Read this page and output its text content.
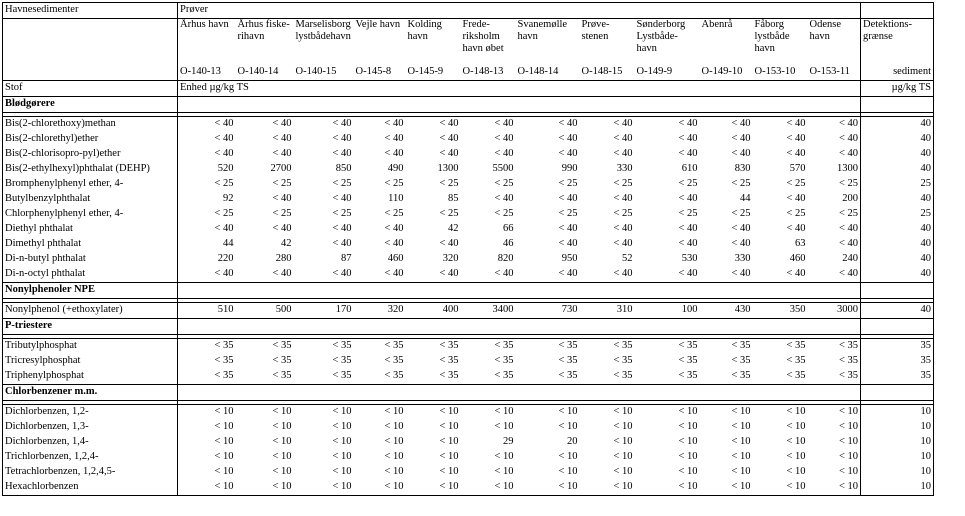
Havnesedimenter	Prøver												
	Århus havn	Århus fiske-rihavn	Marselisborg lystbådehavn	Vejle havn	Kolding havn	Frede-riksholm havn øbet	Svanemølle havn	Prøve-stenen	Sønderborg Lystbåde-havn	Abenrå	Fåborg lystbåde havn	Odense havn	Detektions-grænse
	O-140-13	O-140-14	O-140-15	O-145-8	O-145-9	O-148-13	O-148-14	O-148-15	O-149-9	O-149-10	O-153-10	O-153-11	sediment
Stof	Enhed µg/kg TS												µg/kg TS
Blødgørere													

Bis(2-chlorethoxy)methan	< 40	< 40	< 40	< 40	< 40	< 40	< 40	< 40	< 40	< 40	< 40	< 40	40
Bis(2-chlorethyl)ether	< 40	< 40	< 40	< 40	< 40	< 40	< 40	< 40	< 40	< 40	< 40	< 40	40
Bis(2-chlorisopro-pyl)ether	< 40	< 40	< 40	< 40	< 40	< 40	< 40	< 40	< 40	< 40	< 40	< 40	40
Bis(2-ethylhexyl)phthalat (DEHP)	520	2700	850	490	1300	5500	990	330	610	830	570	1300	40
Bromphenylphenyl ether, 4-	< 25	< 25	< 25	< 25	< 25	< 25	< 25	< 25	< 25	< 25	< 25	< 25	25
Butylbenzylphthalat	92	< 40	< 40	110	85	< 40	< 40	< 40	< 40	44	< 40	200	40
Chlorphenylphenyl ether, 4-	< 25	< 25	< 25	< 25	< 25	< 25	< 25	< 25	< 25	< 25	< 25	< 25	25
Diethyl phthalat	< 40	< 40	< 40	< 40	42	66	< 40	< 40	< 40	< 40	< 40	< 40	40
Dimethyl phthalat	44	42	< 40	< 40	< 40	46	< 40	< 40	< 40	< 40	63	< 40	40
Di-n-butyl phthalat	220	280	87	460	320	820	950	52	530	330	460	240	40
Di-n-octyl phthalat	< 40	< 40	< 40	< 40	< 40	< 40	< 40	< 40	< 40	< 40	< 40	< 40	40
Nonylphenoler NPE													

Nonylphenol (+ethoxylater)	510	500	170	320	400	3400	730	310	100	430	350	3000	40
P-triestere													

Tributylphosphat	< 35	< 35	< 35	< 35	< 35	< 35	< 35	< 35	< 35	< 35	< 35	< 35	35
Tricresylphosphat	< 35	< 35	< 35	< 35	< 35	< 35	< 35	< 35	< 35	< 35	< 35	< 35	35
Triphenylphosphat	< 35	< 35	< 35	< 35	< 35	< 35	< 35	< 35	< 35	< 35	< 35	< 35	35
Chlorbenzener m.m.													

Dichlorbenzen, 1,2-	< 10	< 10	< 10	< 10	< 10	< 10	< 10	< 10	< 10	< 10	< 10	< 10	10
Dichlorbenzen, 1,3-	< 10	< 10	< 10	< 10	< 10	< 10	< 10	< 10	< 10	< 10	< 10	< 10	10
Dichlorbenzen, 1,4-	< 10	< 10	< 10	< 10	< 10	29	20	< 10	< 10	< 10	< 10	< 10	10
Trichlorbenzen, 1,2,4-	< 10	< 10	< 10	< 10	< 10	< 10	< 10	< 10	< 10	< 10	< 10	< 10	10
Tetrachlorbenzen, 1,2,4,5-	< 10	< 10	< 10	< 10	< 10	< 10	< 10	< 10	< 10	< 10	< 10	< 10	10
Hexachlorbenzen	< 10	< 10	< 10	< 10	< 10	< 10	< 10	< 10	< 10	< 10	< 10	< 10	10
